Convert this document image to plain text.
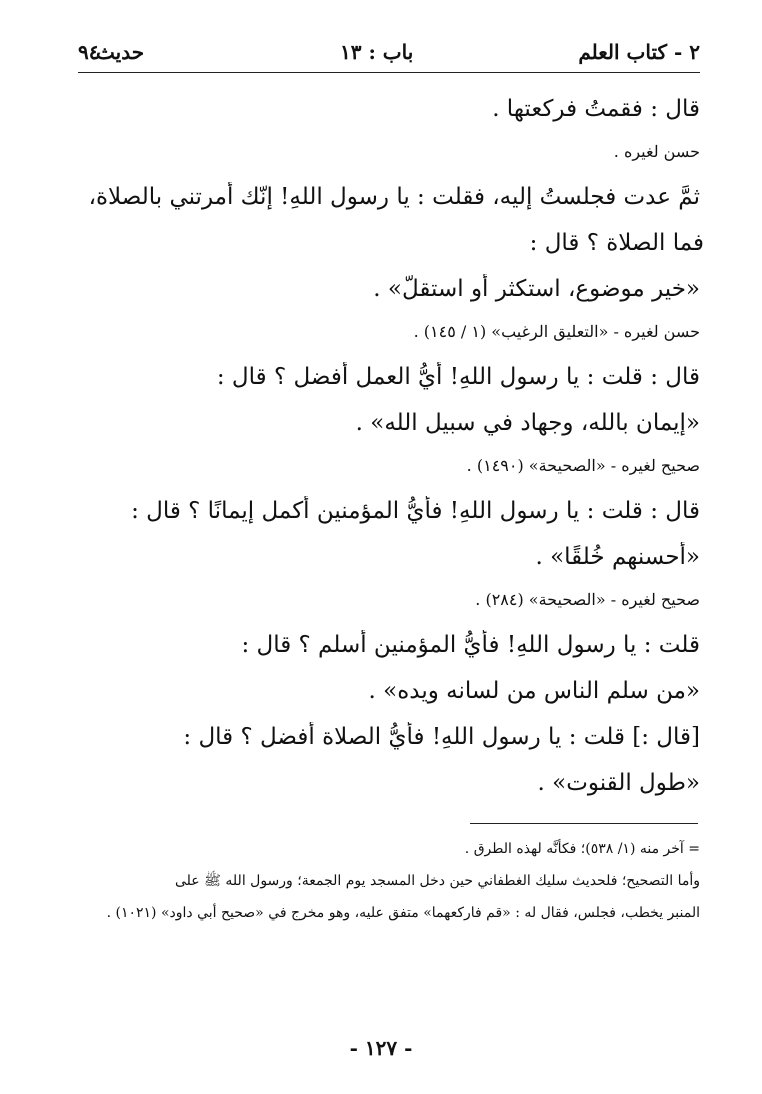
٢ - كتاب العلم
باب : ١٣
٩٤
حديث
قال : فقمتُ فركعتها .
حسن لغيره .
ثمَّ عدت فجلستُ إليه، فقلت : يا رسول اللهِ! إنّك أمرتني بالصلاة،
فما الصلاة ؟ قال :
«خير موضوع، استكثر أو استقلّ» .
حسن لغيره - «التعليق الرغيب» (١ / ١٤٥) .
قال : قلت : يا رسول اللهِ! أيُّ العمل أفضل ؟ قال :
«إيمان بالله، وجهاد في سبيل الله» .
صحيح لغيره - «الصحيحة» (١٤٩٠) .
قال : قلت : يا رسول اللهِ! فأيُّ المؤمنين أكمل إيمانًا ؟ قال :
«أحسنهم خُلقًا» .
صحيح لغيره - «الصحيحة» (٢٨٤) .
قلت : يا رسول اللهِ! فأيُّ المؤمنين أسلم ؟ قال :
«من سلم الناس من لسانه ويده» .
[قال :] قلت : يا رسول اللهِ! فأيُّ الصلاة أفضل ؟ قال :
«طول القنوت» .
= آخر منه (١/ ٥٣٨)؛ فكأنَّه لهذه الطرق .
وأما التصحيح؛ فلحديث سليك الغطفاني حين دخل المسجد يوم الجمعة؛ ورسول الله ﷺ على
المنبر يخطب، فجلس، فقال له : «قم فاركعهما» متفق عليه، وهو مخرج في «صحيح أبي داود» (١٠٢١) .
- ١٢٧ -
